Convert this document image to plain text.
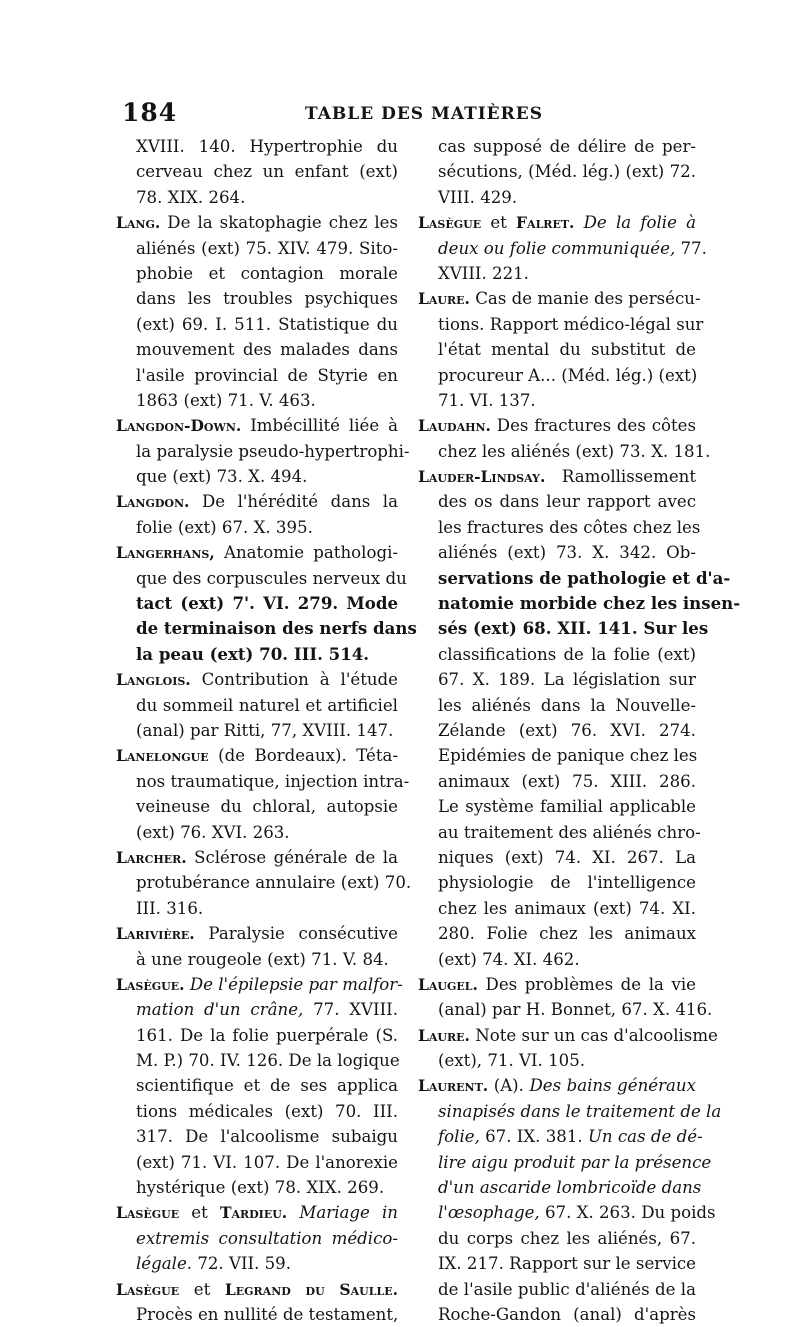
184	TABLE DES MATIÈRES
XVIII. 140. Hypertrophie du
cerveau chez un enfant (ext)
78. XIX. 264.
Lang. De la skatophagie chez les
aliénés (ext) 75. XIV. 479. Sito-
phobie et contagion morale
dans les troubles psychiques
(ext) 69. I. 511. Statistique du
mouvement des malades dans
l'asile provincial de Styrie en
1863 (ext) 71. V. 463.
Langdon-Down. Imbécillité liée à
la paralysie pseudo-hypertrophi-
que (ext) 73. X. 494.
Langdon. De l'hérédité dans la
folie (ext) 67. X. 395.
Langerhans, Anatomie pathologi-
que des corpuscules nerveux du
tact (ext) 7'. VI. 279. Mode
de terminaison des nerfs dans
la peau (ext) 70. III. 514.
Langlois. Contribution à l'étude
du sommeil naturel et artificiel
(anal) par Ritti, 77, XVIII. 147.
Lanelongue (de Bordeaux). Téta-
nos traumatique, injection intra-
veineuse du chloral, autopsie
(ext) 76. XVI. 263.
Larcher. Sclérose générale de la
protubérance annulaire (ext) 70.
III. 316.
Larivière. Paralysie consécutive
à une rougeole (ext) 71. V. 84.
Lasègue. De l'épilepsie par malfor-
mation d'un crâne, 77. XVIII.
161. De la folie puerpérale (S.
M. P.) 70. IV. 126. De la logique
scientifique et de ses applica
tions médicales (ext) 70. III.
317. De l'alcoolisme subaigu
(ext) 71. VI. 107. De l'anorexie
hystérique (ext) 78. XIX. 269.
Lasègue et Tardieu. Mariage in
extremis consultation médico-
légale. 72. VII. 59.
Lasègue et Legrand du Saulle.
Procès en nullité de testament,
cas supposé de délire de per-
sécutions, (Méd. lég.) (ext) 72.
VIII. 429.
Lasègue et Falret. De la folie à
deux ou folie communiquée, 77.
XVIII. 221.
Laure. Cas de manie des persécu-
tions. Rapport médico-légal sur
l'état mental du substitut de
procureur A... (Méd. lég.) (ext)
71. VI. 137.
Laudahn. Des fractures des côtes
chez les aliénés (ext) 73. X. 181.
Lauder-Lindsay. Ramollissement
des os dans leur rapport avec
les fractures des côtes chez les
aliénés (ext) 73. X. 342. Ob-
servations de pathologie et d'a-
natomie morbide chez les insen-
sés (ext) 68. XII. 141. Sur les
classifications de la folie (ext)
67. X. 189. La législation sur
les aliénés dans la Nouvelle-
Zélande (ext) 76. XVI. 274.
Epidémies de panique chez les
animaux (ext) 75. XIII. 286.
Le système familial applicable
au traitement des aliénés chro-
niques (ext) 74. XI. 267. La
physiologie de l'intelligence
chez les animaux (ext) 74. XI.
280. Folie chez les animaux
(ext) 74. XI. 462.
Laugel. Des problèmes de la vie
(anal) par H. Bonnet, 67. X. 416.
Laure. Note sur un cas d'alcoolisme
(ext), 71. VI. 105.
Laurent. (A). Des bains généraux
sinapisés dans le traitement de la
folie, 67. IX. 381. Un cas de dé-
lire aigu produit par la présence
d'un ascaride lombricoïde dans
l'œsophage, 67. X. 263. Du poids
du corps chez les aliénés, 67.
IX. 217. Rapport sur le service
de l'asile public d'aliénés de la
Roche-Gandon (anal) d'après
